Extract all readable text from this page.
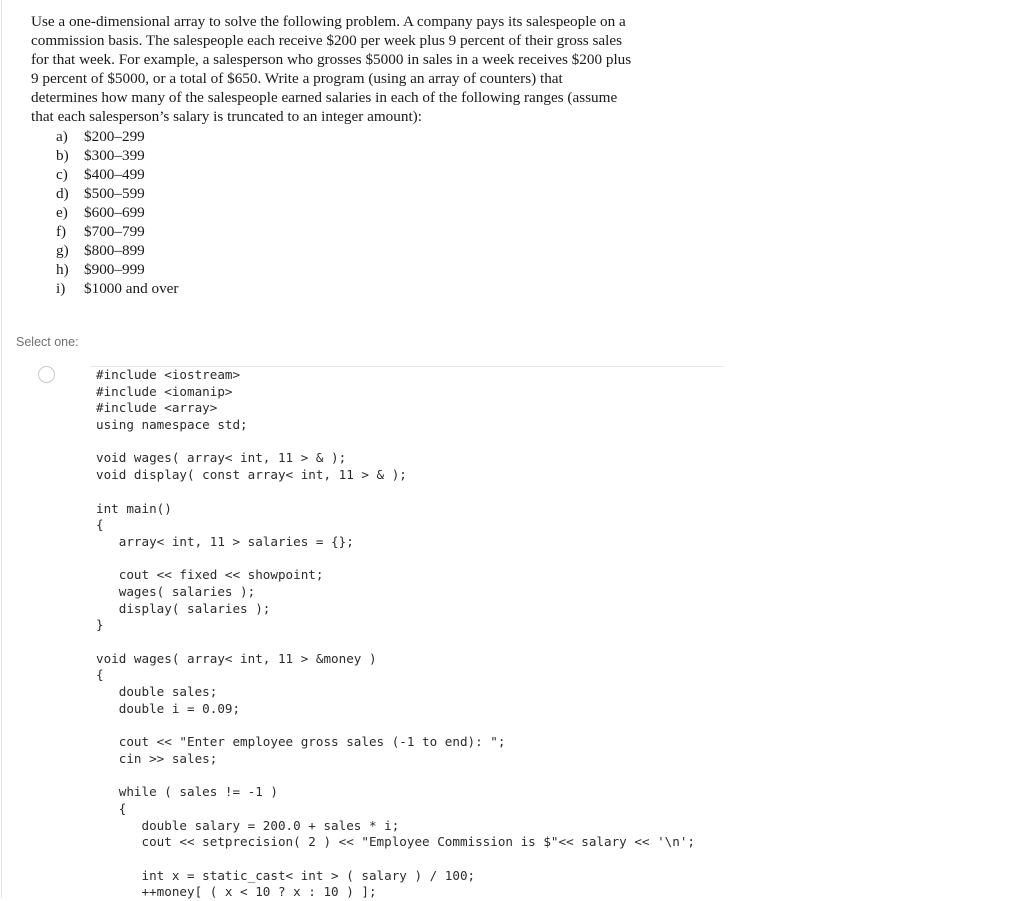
Use a one-dimensional array to solve the following problem. A company pays its salespeople on a
commission basis. The salespeople each receive $200 per week plus 9 percent of their gross sales
for that week. For example, a salesperson who grosses $5000 in sales in a week receives $200 plus
9 percent of $5000, or a total of $650. Write a program (using an array of counters) that
determines how many of the salespeople earned salaries in each of the following ranges (assume
that each salesperson’s salary is truncated to an integer amount):
a) $200–299
b) $300–399
c) $400–499
d) $500–599
e) $600–699
f) $700–799
g) $800–899
h) $900–999
i) $1000 and over
Select one:
#include <iostream>
#include <iomanip>
#include <array>
using namespace std;
void wages( array< int, 11 > & );
void display( const array< int, 11 > & );
int main()
{
array< int, 11 > salaries = {};
cout << fixed << showpoint;
wages( salaries );
display( salaries );
}
void wages( array< int, 11 > &money )
{
double sales;
double i = 0.09;
cout << "Enter employee gross sales (-1 to end): ";
cin >> sales;
while ( sales != -1 )
{
double salary = 200.0 + sales * i;
cout << setprecision( 2 ) << "Employee Commission is $"<< salary << '\n';
int x = static_cast< int > ( salary ) / 100;
++money[ ( x < 10 ? x : 10 ) ];
